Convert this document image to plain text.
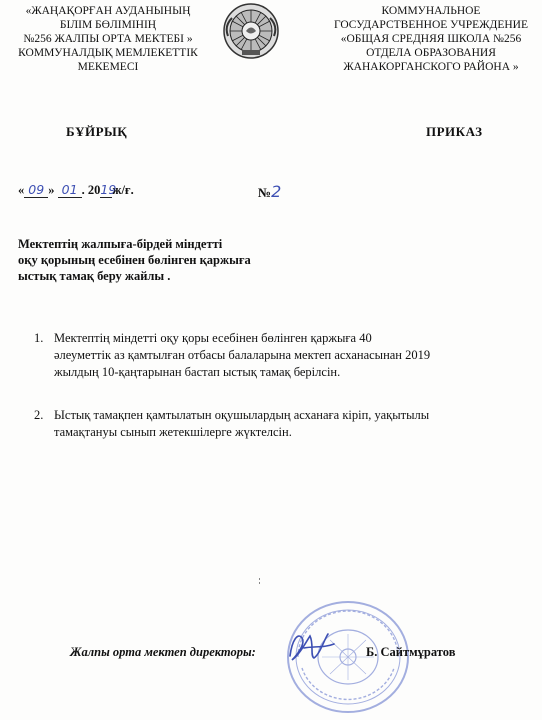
«ЖАҢАҚОРҒАН АУДАНЫНЫҢ
БІЛІМ БӨЛІМІНІҢ
№256 ЖАЛПЫ ОРТА МЕКТЕБІ »
КОММУНАЛДЫҚ МЕМЛЕКЕТТІК
МЕКЕМЕСІ
КОММУНАЛЬНОЕ
ГОСУДАРСТВЕННОЕ УЧРЕЖДЕНИЕ
«ОБЩАЯ СРЕДНЯЯ ШКОЛА №256
ОТДЕЛА ОБРАЗОВАНИЯ
ЖАНАКОРГАНСКОГО РАЙОНА »
БҰЙРЫҚ	ПРИКАЗ
« 09 » 01 . 2019ж/ғ.	№2
Мектептің жалпыға-бірдей міндетті
оқу қорының есебінен бөлінген қаржыға
ыстық тамақ беру жайлы .
1. Мектептің міндетті оқу қоры есебінен бөлінген қаржыға 40
әлеуметтік аз қамтылған отбасы балаларына мектеп асханасынан 2019
жылдың 10-қаңтарынан бастап ыстық тамақ берілсін.
2. Ыстық тамақпен қамтылатын оқушылардың асханаға кіріп, уақытылы
тамақтануы сынып жетекшілерге жүктелсін.
Жалпы орта мектеп директоры:	Б. Сайтмұратов
